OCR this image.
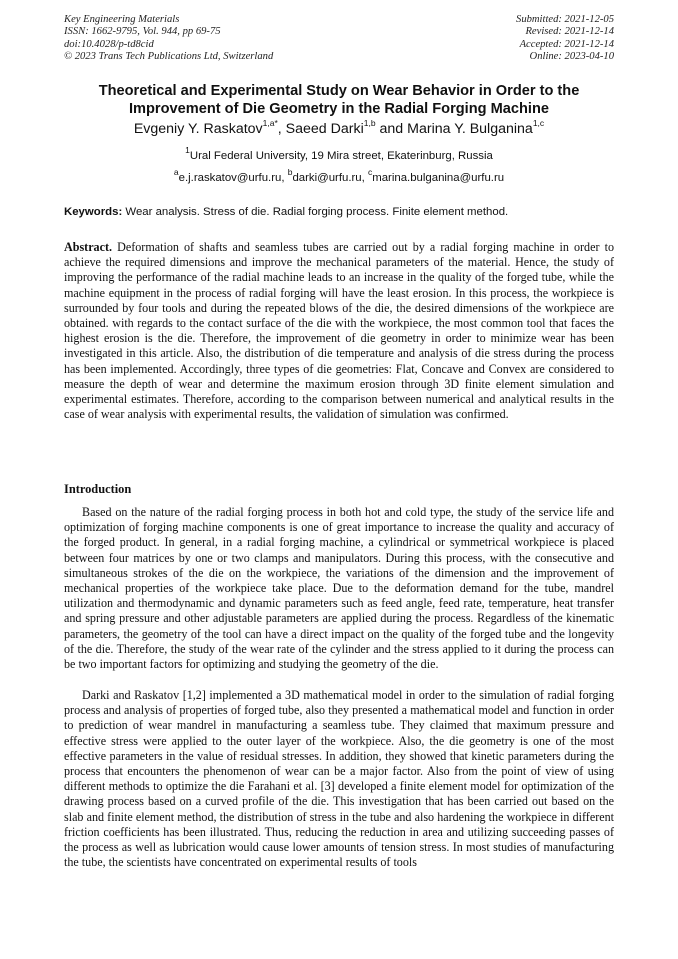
Key Engineering Materials
ISSN: 1662-9795, Vol. 944, pp 69-75
doi:10.4028/p-td8cid
© 2023 Trans Tech Publications Ltd, Switzerland
Submitted: 2021-12-05
Revised: 2021-12-14
Accepted: 2021-12-14
Online: 2023-04-10
Theoretical and Experimental Study on Wear Behavior in Order to the Improvement of Die Geometry in the Radial Forging Machine
Evgeniy Y. Raskatov$^{1,a*}$, Saeed Darki$^{1,b}$ and Marina Y. Bulganina$^{1,c}$
$^1$Ural Federal University, 19 Mira street, Ekaterinburg, Russia
$^a$e.j.raskatov@urfu.ru, $^b$darki@urfu.ru, $^c$marina.bulganina@urfu.ru
Keywords: Wear analysis. Stress of die. Radial forging process. Finite element method.
Abstract. Deformation of shafts and seamless tubes are carried out by a radial forging machine in order to achieve the required dimensions and improve the mechanical parameters of the material. Hence, the study of improving the performance of the radial machine leads to an increase in the quality of the forged tube, while the machine equipment in the process of radial forging will have the least erosion. In this process, the workpiece is surrounded by four tools and during the repeated blows of the die, the desired dimensions of the workpiece are obtained. with regards to the contact surface of the die with the workpiece, the most common tool that faces the highest erosion is the die. Therefore, the improvement of die geometry in order to minimize wear has been investigated in this article. Also, the distribution of die temperature and analysis of die stress during the process has been implemented. Accordingly, three types of die geometries: Flat, Concave and Convex are considered to measure the depth of wear and determine the maximum erosion through 3D finite element simulation and experimental estimates. Therefore, according to the comparison between numerical and analytical results in the case of wear analysis with experimental results, the validation of simulation was confirmed.
Introduction
Based on the nature of the radial forging process in both hot and cold type, the study of the service life and optimization of forging machine components is one of great importance to increase the quality and accuracy of the forged product. In general, in a radial forging machine, a cylindrical or symmetrical workpiece is placed between four matrices by one or two clamps and manipulators. During this process, with the consecutive and simultaneous strokes of the die on the workpiece, the variations of the dimension and the improvement of mechanical properties of the workpiece take place. Due to the deformation demand for the tube, mandrel utilization and thermodynamic and dynamic parameters such as feed angle, feed rate, temperature, heat transfer and spring pressure and other adjustable parameters are applied during the process. Regardless of the kinematic parameters, the geometry of the tool can have a direct impact on the quality of the forged tube and the longevity of the die. Therefore, the study of the wear rate of the cylinder and the stress applied to it during the process can be two important factors for optimizing and studying the geometry of the die.
Darki and Raskatov [1,2] implemented a 3D mathematical model in order to the simulation of radial forging process and analysis of properties of forged tube, also they presented a mathematical model and function in order to prediction of wear mandrel in manufacturing a seamless tube. They claimed that maximum pressure and effective stress were applied to the outer layer of the workpiece. Also, the die geometry is one of the most effective parameters in the value of residual stresses. In addition, they showed that kinetic parameters during the process that encounters the phenomenon of wear can be a major factor. Also from the point of view of using different methods to optimize the die Farahani et al. [3] developed a finite element model for optimization of the drawing process based on a curved profile of the die. This investigation that has been carried out based on the slab and finite element method, the distribution of stress in the tube and also hardening the workpiece in different friction coefficients has been illustrated. Thus, reducing the reduction in area and utilizing succeeding passes of the process as well as lubrication would cause lower amounts of tension stress. In most studies of manufacturing the tube, the scientists have concentrated on experimental results of tools
